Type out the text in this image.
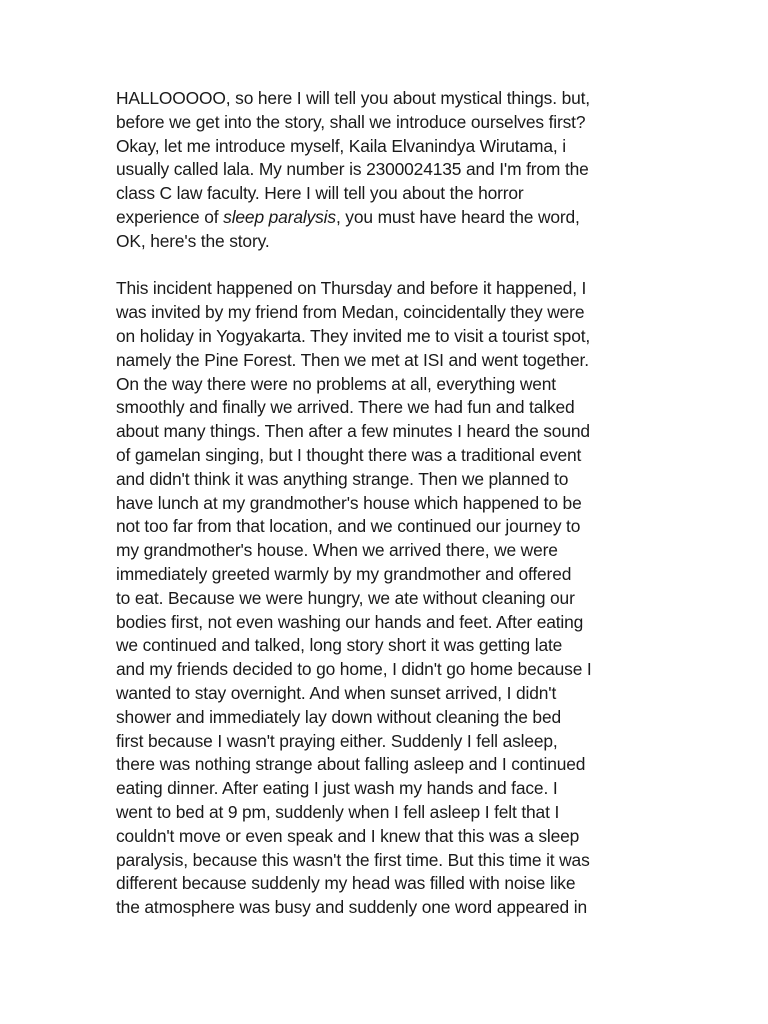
HALLOOOOO, so here I will tell you about mystical things. but,
before we get into the story, shall we introduce ourselves first?
Okay, let me introduce myself, Kaila Elvanindya Wirutama, i
usually called lala. My number is 2300024135 and I'm from the
class C law faculty. Here I will tell you about the horror
experience of sleep paralysis, you must have heard the word,
OK, here's the story.

This incident happened on Thursday and before it happened, I
was invited by my friend from Medan, coincidentally they were
on holiday in Yogyakarta. They invited me to visit a tourist spot,
namely the Pine Forest. Then we met at ISI and went together.
On the way there were no problems at all, everything went
smoothly and finally we arrived. There we had fun and talked
about many things. Then after a few minutes I heard the sound
of gamelan singing, but I thought there was a traditional event
and didn't think it was anything strange. Then we planned to
have lunch at my grandmother's house which happened to be
not too far from that location, and we continued our journey to
my grandmother's house. When we arrived there, we were
immediately greeted warmly by my grandmother and offered
to eat. Because we were hungry, we ate without cleaning our
bodies first, not even washing our hands and feet. After eating
we continued and talked, long story short it was getting late
and my friends decided to go home, I didn't go home because I
wanted to stay overnight. And when sunset arrived, I didn't
shower and immediately lay down without cleaning the bed
first because I wasn't praying either. Suddenly I fell asleep,
there was nothing strange about falling asleep and I continued
eating dinner. After eating I just wash my hands and face. I
went to bed at 9 pm, suddenly when I fell asleep I felt that I
couldn't move or even speak and I knew that this was a sleep
paralysis, because this wasn't the first time. But this time it was
different because suddenly my head was filled with noise like
the atmosphere was busy and suddenly one word appeared in
